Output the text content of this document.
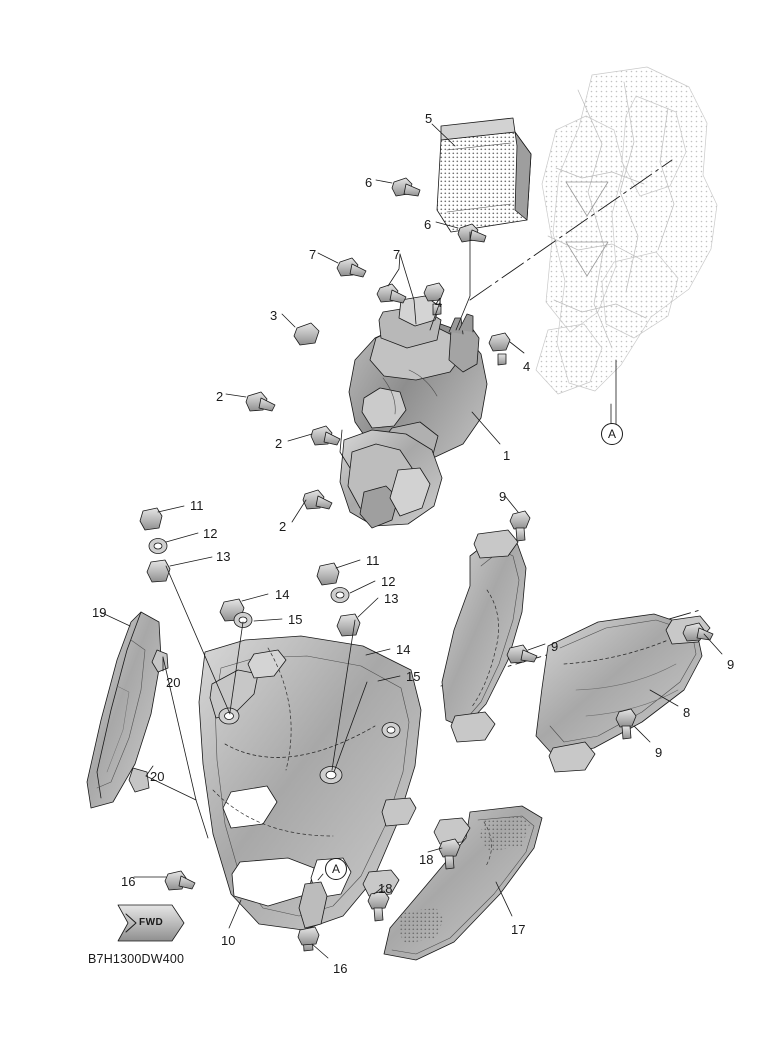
5
6
6
7	7
4
3
4
2
2
1
2
9
11
12
13	11
12
14	13
15
19
14	9
9
15
20
8
9
20
18
16	18
17
10
16
A
A
FWD
B7H1300DW400
